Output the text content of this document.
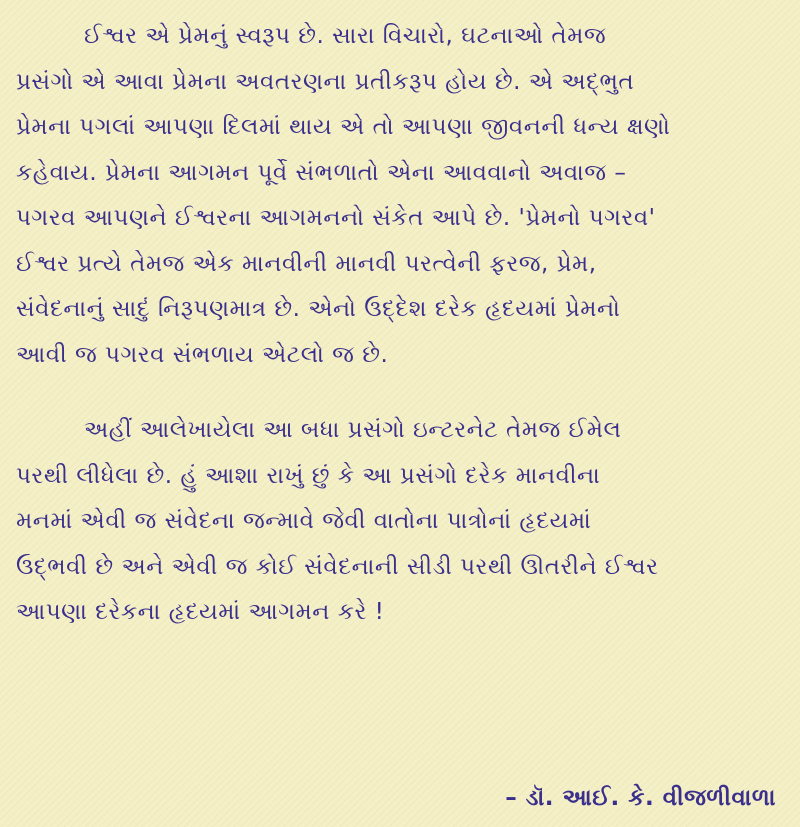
ઈશ્વર એ પ્રેમનું સ્વરૂપ છે. સારા વિચારો, ઘટનાઓ તેમજ
પ્રસંગો એ આવા પ્રેમના અવતરણના પ્રતીકરૂપ હોય છે. એ અદ્ભુત
પ્રેમના પગલાં આપણા દિલમાં થાય એ તો આપણા જીવનની ધન્ય ક્ષણો
કહેવાય. પ્રેમના આગમન પૂર્વે સંભળાતો એના આવવાનો અવાજ –
પગરવ આપણને ઈશ્વરના આગમનનો સંકેત આપે છે. 'પ્રેમનો પગરવ'
ઈશ્વર પ્રત્યે તેમજ એક માનવીની માનવી પરત્વેની ફરજ, પ્રેમ,
સંવેદનાનું સાદું નિરૂપણમાત્ર છે. એનો ઉદ્દેશ દરેક હૃદયમાં પ્રેમનો
આવી જ પગરવ સંભળાય એટલો જ છે.
અહીં આલેખાયેલા આ બધા પ્રસંગો ઇન્ટરનેટ તેમજ ઈમેલ
પરથી લીધેલા છે. હું આશા રાખું છું કે આ પ્રસંગો દરેક માનવીના
મનમાં એવી જ સંવેદના જન્માવે જેવી વાતોના પાત્રોનાં હૃદયમાં
ઉદ્ભવી છે અને એવી જ કોઈ સંવેદનાની સીડી પરથી ઊતરીને ઈશ્વર
આપણા દરેકના હૃદયમાં આગમન કરે !
– ડૉ. આઈ. કે. વીજળીવાળા
